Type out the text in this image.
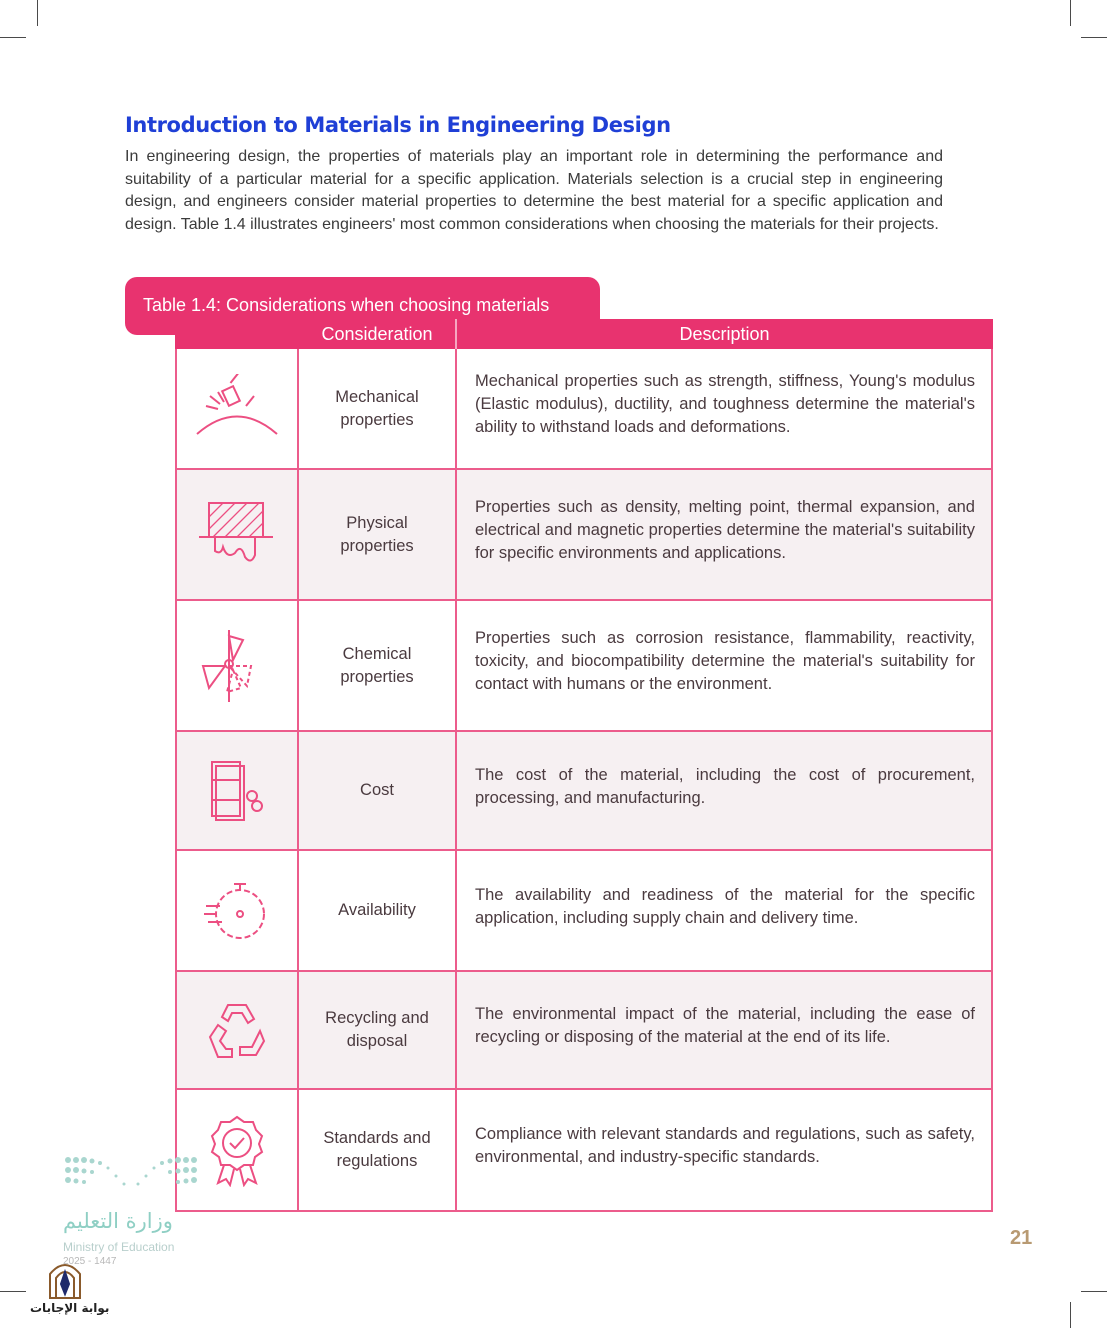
Introduction to Materials in Engineering Design
In engineering design, the properties of materials play an important role in determining the performance and suitability of a particular material for a specific application. Materials selection is a crucial step in engineering design, and engineers consider material properties to determine the best material for a specific application and design. Table 1.4 illustrates engineers' most common considerations when choosing the materials for their projects.
Table 1.4: Considerations when choosing materials
Consideration	Description
Mechanical properties
Mechanical properties such as strength, stiffness, Young's modulus (Elastic modulus), ductility, and toughness determine the material's ability to withstand loads and deformations.
Physical properties
Properties such as density, melting point, thermal expansion, and electrical and magnetic properties determine the material's suitability for specific environments and applications.
Chemical properties
Properties such as corrosion resistance, flammability, reactivity, toxicity, and biocompatibility determine the material's suitability for contact with humans or the environment.
Cost
The cost of the material, including the cost of procurement, processing, and manufacturing.
Availability
The availability and readiness of the material for the specific application, including supply chain and delivery time.
Recycling and disposal
The environmental impact of the material, including the ease of recycling or disposing of the material at the end of its life.
Standards and regulations
Compliance with relevant standards and regulations, such as safety, environmental, and industry-specific standards.
21
وزارة التعليم
Ministry of Education
2025 - 1447
بوابة الإجابات
